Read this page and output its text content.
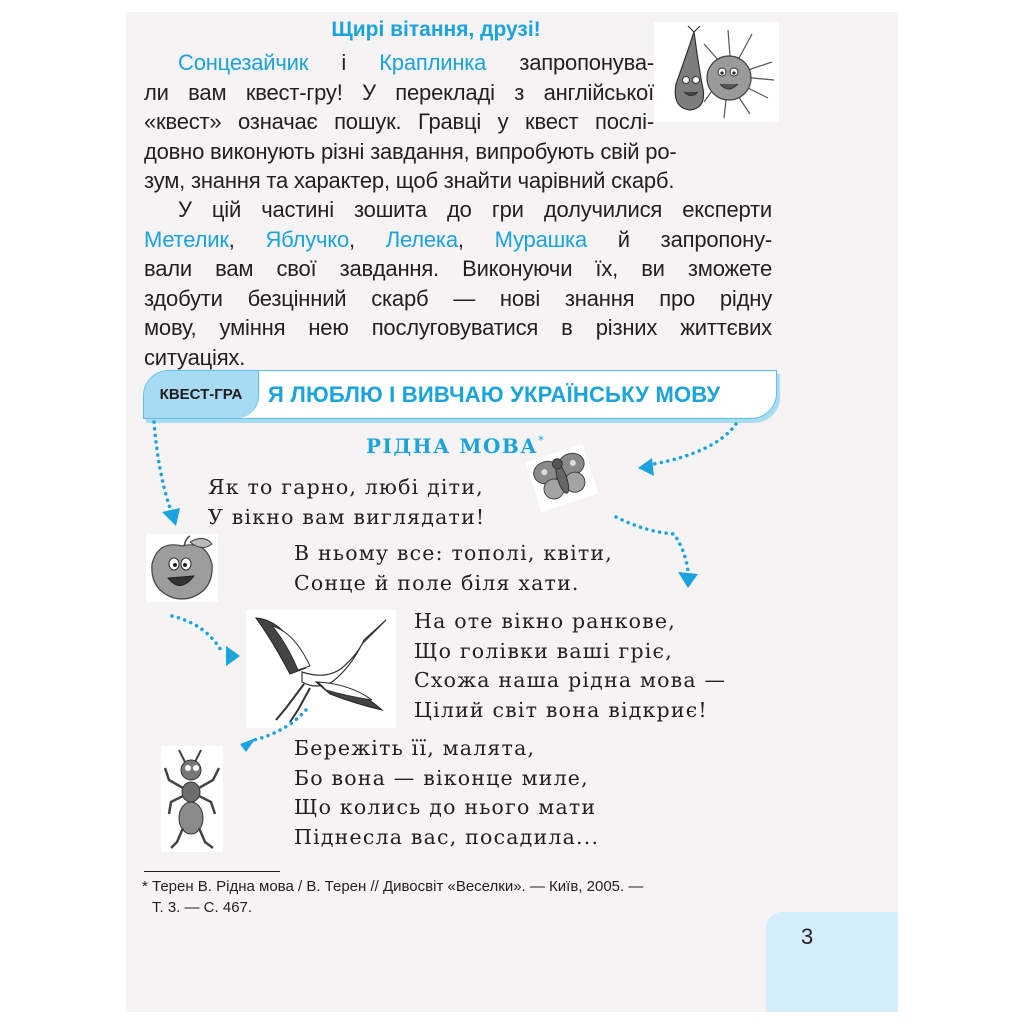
Щирі вітання, друзі!
Сонцезайчик і Краплинка запропонува-
ли вам квест-гру! У перекладі з англійської
«квест» означає пошук. Гравці у квест послі-
довно виконують різні завдання, випробують свій ро-
зум, знання та характер, щоб знайти чарівний скарб.
У цій частині зошита до гри долучилися експерти
Метелик, Яблучко, Лелека, Мурашка й запропону-
вали вам свої завдання. Виконуючи їх, ви зможете
здобути безцінний скарб — нові знання про рідну
мову, уміння нею послуговуватися в різних життєвих
ситуаціях.
КВЕСТ-ГРА	Я ЛЮБЛЮ І ВИВЧАЮ УКРАЇНСЬКУ МОВУ
РІДНА МОВА*
Як то гарно, любі діти,
У вікно вам виглядати!
В ньому все: тополі, квіти,
Сонце й поле біля хати.
На оте вікно ранкове,
Що голівки ваші гріє,
Схожа наша рідна мова —
Цілий світ вона відкриє!
Бережіть її, малята,
Бо вона — віконце миле,
Що колись до нього мати
Піднесла вас, посадила...
* Терен В. Рідна мова / В. Терен // Дивосвіт «Веселки». — Київ, 2005. —
Т. 3. — С. 467.
3
